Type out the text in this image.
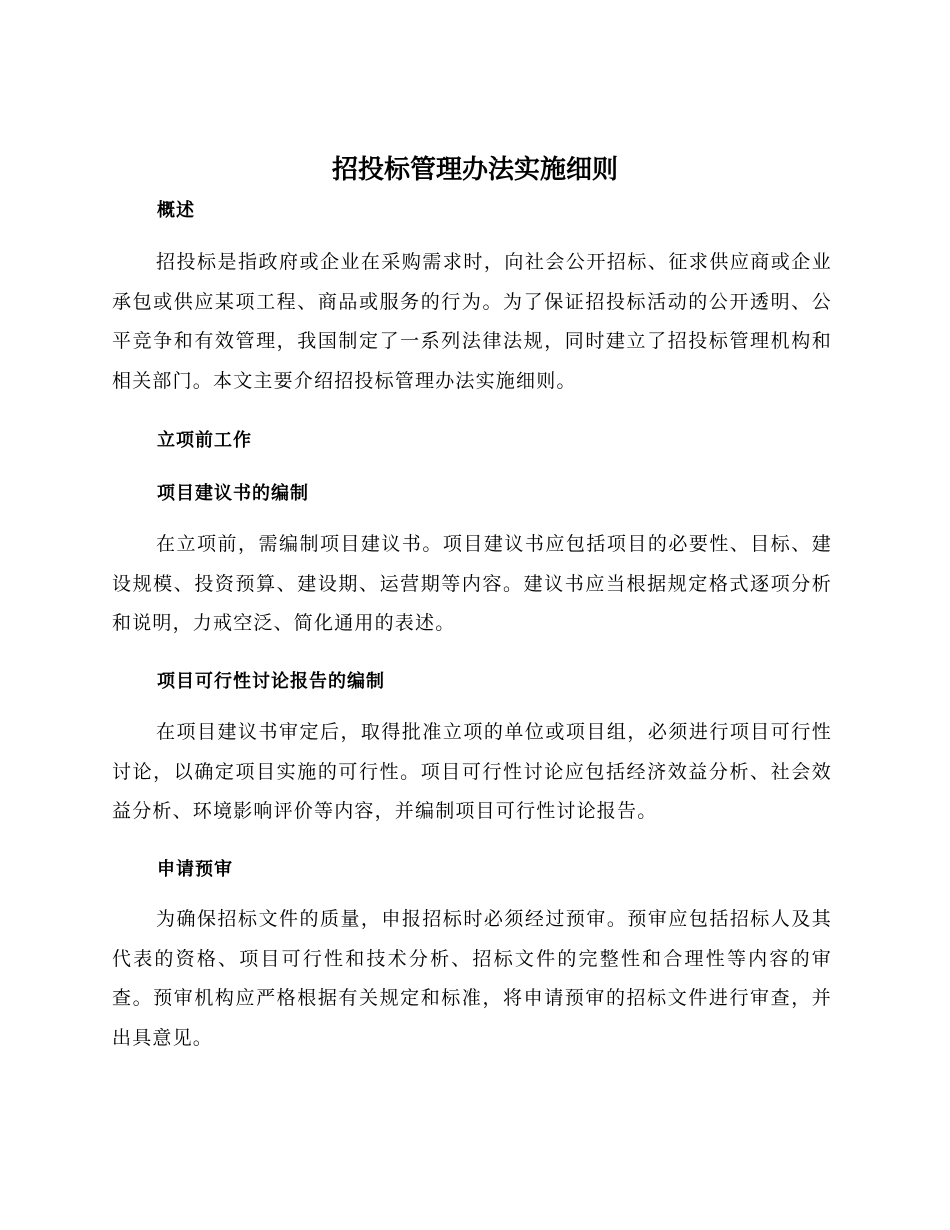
招投标管理办法实施细则
概述
招投标是指政府或企业在采购需求时，向社会公开招标、征求供应商或企业承包或供应某项工程、商品或服务的行为。为了保证招投标活动的公开透明、公平竞争和有效管理，我国制定了一系列法律法规，同时建立了招投标管理机构和相关部门。本文主要介绍招投标管理办法实施细则。
立项前工作
项目建议书的编制
在立项前，需编制项目建议书。项目建议书应包括项目的必要性、目标、建设规模、投资预算、建设期、运营期等内容。建议书应当根据规定格式逐项分析和说明，力戒空泛、简化通用的表述。
项目可行性讨论报告的编制
在项目建议书审定后，取得批准立项的单位或项目组，必须进行项目可行性讨论，以确定项目实施的可行性。项目可行性讨论应包括经济效益分析、社会效益分析、环境影响评价等内容，并编制项目可行性讨论报告。
申请预审
为确保招标文件的质量，申报招标时必须经过预审。预审应包括招标人及其代表的资格、项目可行性和技术分析、招标文件的完整性和合理性等内容的审查。预审机构应严格根据有关规定和标准，将申请预审的招标文件进行审查，并出具意见。
